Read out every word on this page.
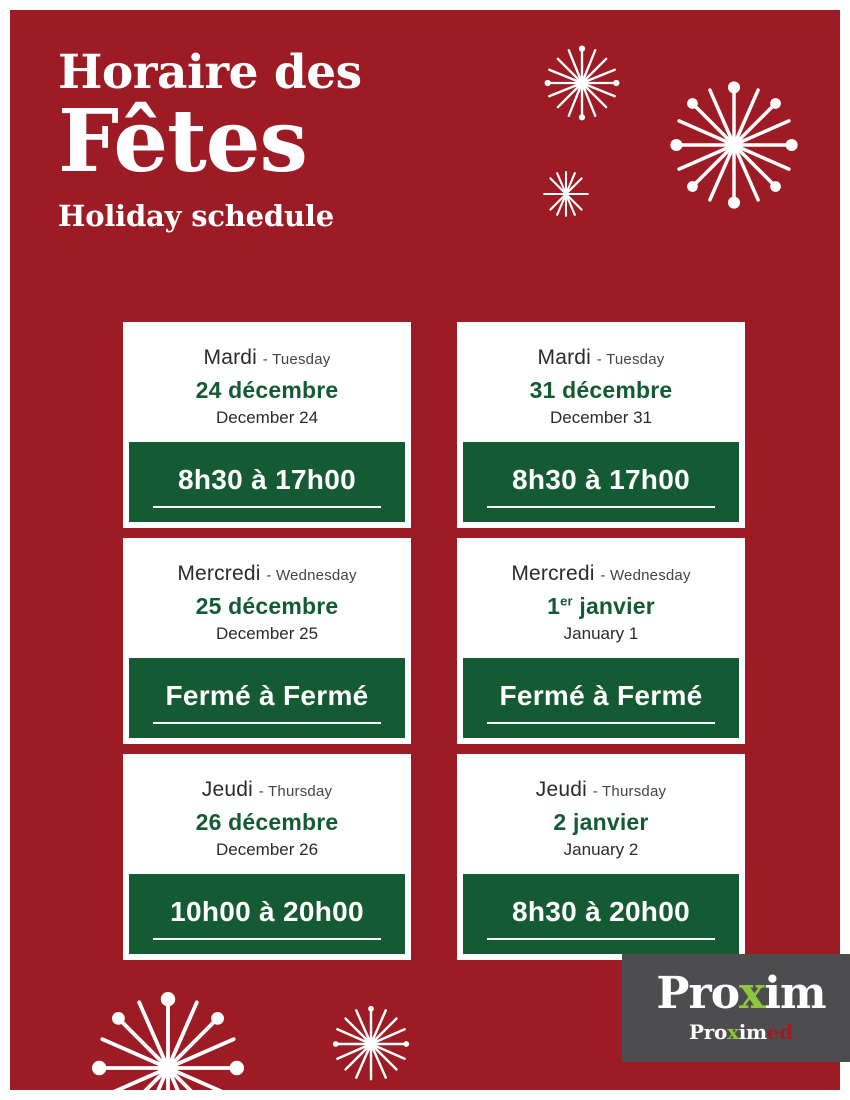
Horaire des
Fêtes
Holiday schedule
Mardi - Tuesday
24 décembre
December 24
8h30 à 17h00
Mardi - Tuesday
31 décembre
December 31
8h30 à 17h00
Mercredi - Wednesday
25 décembre
December 25
Fermé à Fermé
Mercredi - Wednesday
1er janvier
January 1
Fermé à Fermé
Jeudi - Thursday
26 décembre
December 26
10h00 à 20h00
Jeudi - Thursday
2 janvier
January 2
8h30 à 20h00
Proxim
Proximed
